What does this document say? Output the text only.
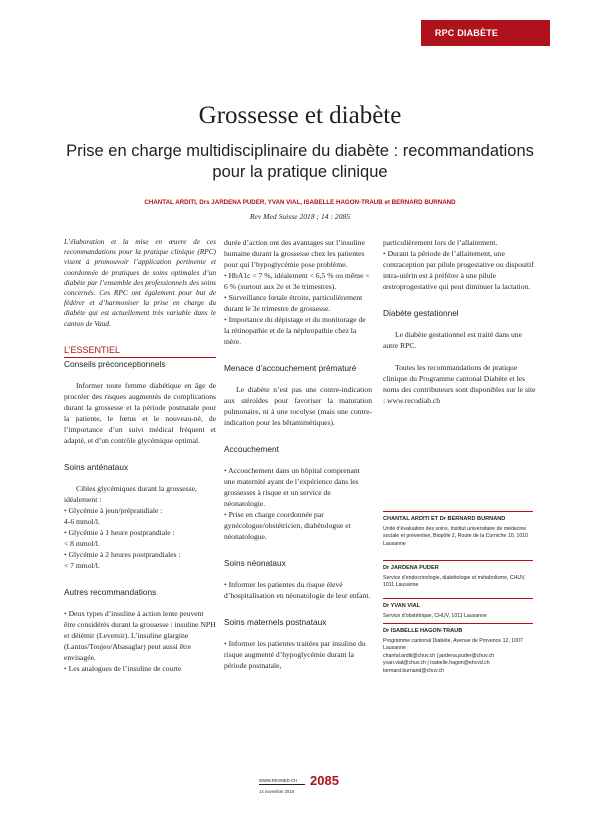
RPC DIABÈTE
Grossesse et diabète
Prise en charge multidisciplinaire du diabète : recommandations pour la pratique clinique
CHANTAL ARDITI, Drs JARDENA PUDER, YVAN VIAL, ISABELLE HAGON-TRAUB et BERNARD BURNAND
Rev Med Suisse 2018 ; 14 : 2085

L’élaboration et la mise en œuvre de ces recommandations pour la pratique clinique (RPC) visent à promouvoir l’application pertinente et coordonnée de pratiques de soins optimales d’un diabète par l’ensemble des professionnels des soins concernés. Ces RPC ont également pour but de fédérer et d’harmoniser la prise en charge du diabète qui est actuellement très variable dans le canton de Vaud.

L’ESSENTIEL
Conseils préconceptionnels

Informer toute femme diabétique en âge de procréer des risques augmentés de complications durant la grossesse et la période postnatale pour la patiente, le fœtus et le nouveau-né, de l’importance d’un suivi médical fréquent et adapté, et d’un contrôle glycémique optimal.

Soins anténataux

Cibles glycémiques durant la grossesse, idéalement :

• Glycémie à jeun/préprandiale :

4-6 mmol/l.

• Glycémie à 1 heure postprandiale :

< 8 mmol/l.

• Glycémie à 2 heures postprandiales :

< 7 mmol/l.

Autres recommandations

• Deux types d’insuline à action lente peuvent être considérés durant la grossesse : insuline NPH et détémir (Levemir). L’insuline glargine (Lantus/Toujeo/Abasaglar) peut aussi être envisagée.

• Les analogues de l’insuline de courte

durée d’action ont des avantages sur l’insuline humaine durant la grossesse chez les patientes pour qui l’hypoglycémie pose problème.

• HbA1c < 7 %, idéalement < 6,5 % ou même < 6 % (surtout aux 2e et 3e trimestres).

• Surveillance fœtale étroite, particulièrement durant le 3e trimestre de grossesse.

• Importance du dépistage et du monitorage de la rétinopathie et de la néphropathie chez la mère.

Menace d’accouchement prématuré

Le diabète n’est pas une contre-indication aux stéroïdes pour favoriser la maturation pulmonaire, ni à une tocolyse (mais une contre-indication pour les bêtamimétiques).

Accouchement

• Accouchement dans un hôpital comprenant une maternité ayant de l’expérience dans les grossesses à risque et un service de néonatologie.

• Prise en charge coordonnée par gynécologue/obstétricien, diabétologue et néonatologue.

Soins néonataux

• Informer les patientes du risque élevé d’hospitalisation en néonatologie de leur enfant.

Soins maternels postnataux

• Informer les patientes traitées par insuline du risque augmenté d’hypoglycémie durant la période postnatale,

particulièrement lors de l’allaitement.

• Durant la période de l’allaitement, une contraception par pilule progestative ou dispositif intra-utérin est à préférer à une pilule œstroprogestative qui peut diminuer la lactation.

Diabète gestationnel

Le diabète gestationnel est traité dans une autre RPC.

Toutes les recommandations de pratique clinique du Programme cantonal Diabète et les noms des contributeurs sont disponibles sur le site : www.recodiab.ch

CHANTAL ARDITI ET Dr BERNARD BURNAND
Unité d’évaluation des soins, Institut universitaire de médecine sociale et préventive, Biopôle 2, Route de la Corniche 10, 1010 Lausanne
Dr JARDENA PUDER
Service d’endocrinologie, diabétologie et métabolisme, CHUV, 1011 Lausanne
Dr YVAN VIAL
Service d’obstétrique, CHUV, 1011 Lausanne
Dr ISABELLE HAGON-TRAUB
Programme cantonal Diabète, Avenue de Provence 12, 1007 Lausanne
chantal.arditi@chuv.ch | jardena.puder@chuv.ch
yvan.vial@chuv.ch | isabelle.hagon@ehcvd.ch
bernard.burnand@chuv.ch
WWW.REVMED.CH
14 novembre 2018
2085
